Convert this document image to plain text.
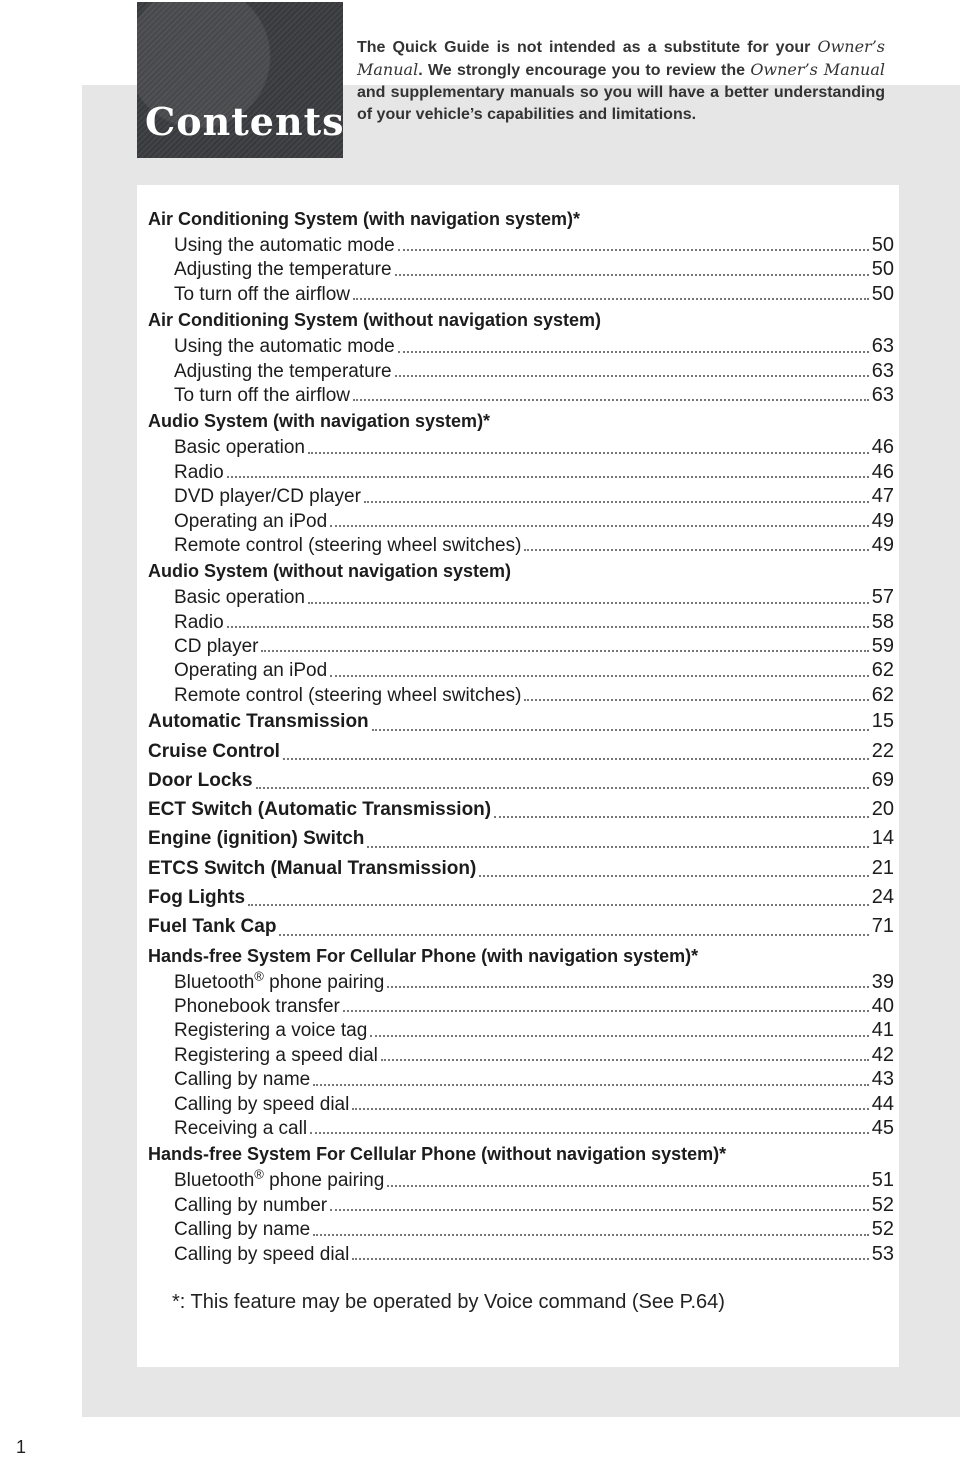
Contents

The Quick Guide is not intended as a substitute for your Owner’s Manual. We strongly encourage you to review the Owner’s Manual and supplementary manuals so you will have a better understanding of your vehicle’s capabilities and limitations.

Air Conditioning System (with navigation system)*
Using the automatic mode	50
Adjusting the temperature	50
To turn off the airflow	50
Air Conditioning System (without navigation system)
Using the automatic mode	63
Adjusting the temperature	63
To turn off the airflow	63
Audio System (with navigation system)*
Basic operation	46
Radio	46
DVD player/CD player	47
Operating an iPod	49
Remote control (steering wheel switches)	49
Audio System (without navigation system)
Basic operation	57
Radio	58
CD player	59
Operating an iPod	62
Remote control (steering wheel switches)	62
Automatic Transmission	15
Cruise Control	22
Door Locks	69
ECT Switch (Automatic Transmission)	20
Engine (ignition) Switch	14
ETCS Switch (Manual Transmission)	21
Fog Lights	24
Fuel Tank Cap	71
Hands-free System For Cellular Phone (with navigation system)*
Bluetooth® phone pairing	39
Phonebook transfer	40
Registering a voice tag	41
Registering a speed dial	42
Calling by name	43
Calling by speed dial	44
Receiving a call	45
Hands-free System For Cellular Phone (without navigation system)*
Bluetooth® phone pairing	51
Calling by number	52
Calling by name	52
Calling by speed dial	53

*: This feature may be operated by Voice command (See P.64)

1
